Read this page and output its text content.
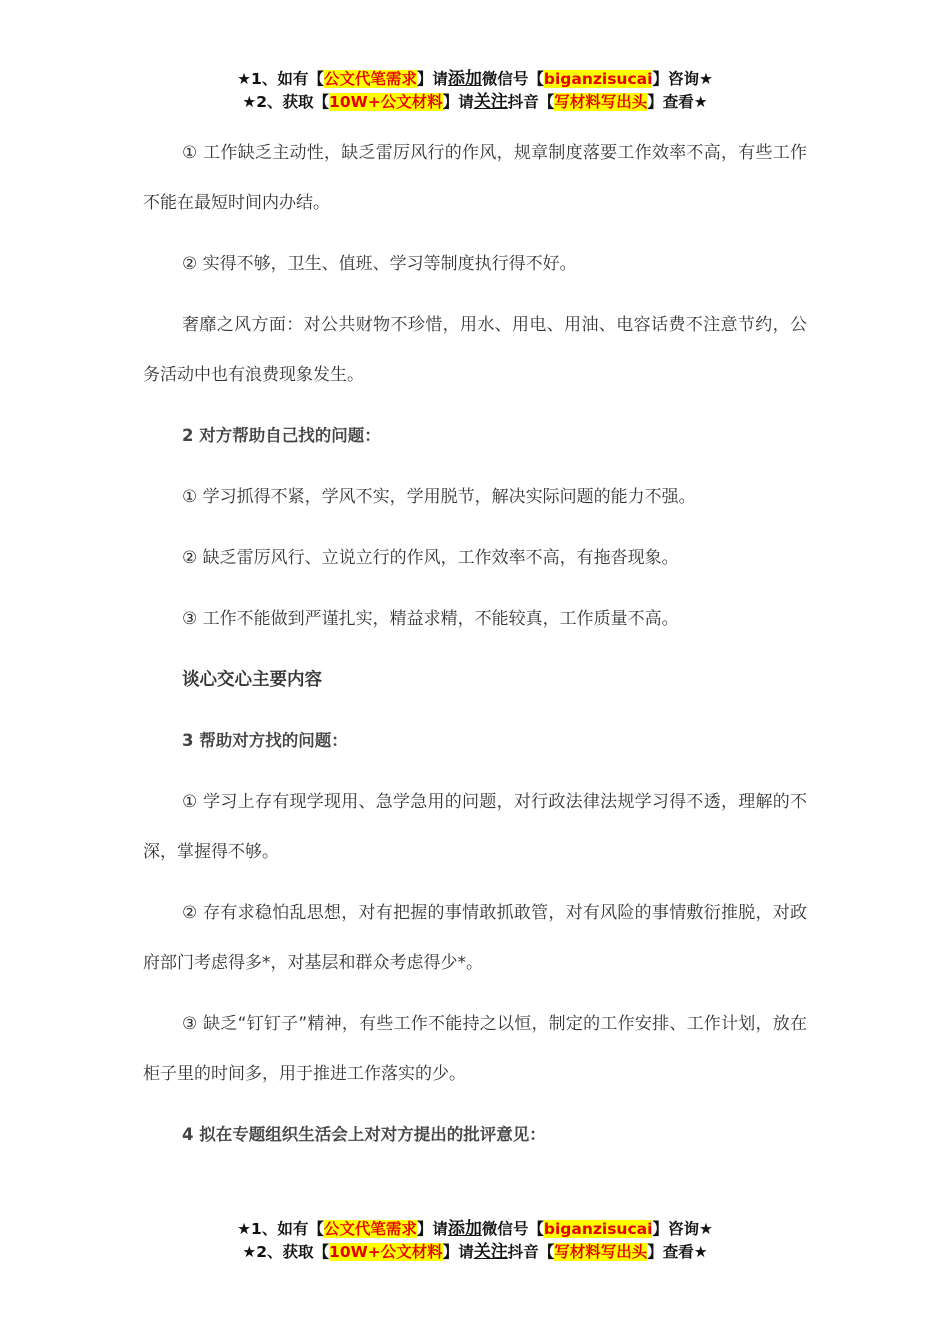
★1、如有【公文代笔需求】请添加微信号【biganzisucai】咨询★
★2、获取【10W+公文材料】请关注抖音【写材料写出头】查看★

① 工作缺乏主动性，缺乏雷厉风行的作风，规章制度落要工作效率不高，有些工作不能在最短时间内办结。

② 实得不够，卫生、值班、学习等制度执行得不好。

奢靡之风方面：对公共财物不珍惜，用水、用电、用油、电容话费不注意节约，公务活动中也有浪费现象发生。

2 对方帮助自己找的问题：

① 学习抓得不紧，学风不实，学用脱节，解决实际问题的能力不强。

② 缺乏雷厉风行、立说立行的作风，工作效率不高，有拖沓现象。

③ 工作不能做到严谨扎实，精益求精，不能较真，工作质量不高。

谈心交心主要内容

3 帮助对方找的问题：

① 学习上存有现学现用、急学急用的问题，对行政法律法规学习得不透，理解的不深，掌握得不够。

② 存有求稳怕乱思想，对有把握的事情敢抓敢管，对有风险的事情敷衍推脱，对政府部门考虑得多*，对基层和群众考虑得少*。

③ 缺乏“钉钉子”精神，有些工作不能持之以恒，制定的工作安排、工作计划，放在柜子里的时间多，用于推进工作落实的少。

4 拟在专题组织生活会上对对方提出的批评意见：

★1、如有【公文代笔需求】请添加微信号【biganzisucai】咨询★
★2、获取【10W+公文材料】请关注抖音【写材料写出头】查看★
